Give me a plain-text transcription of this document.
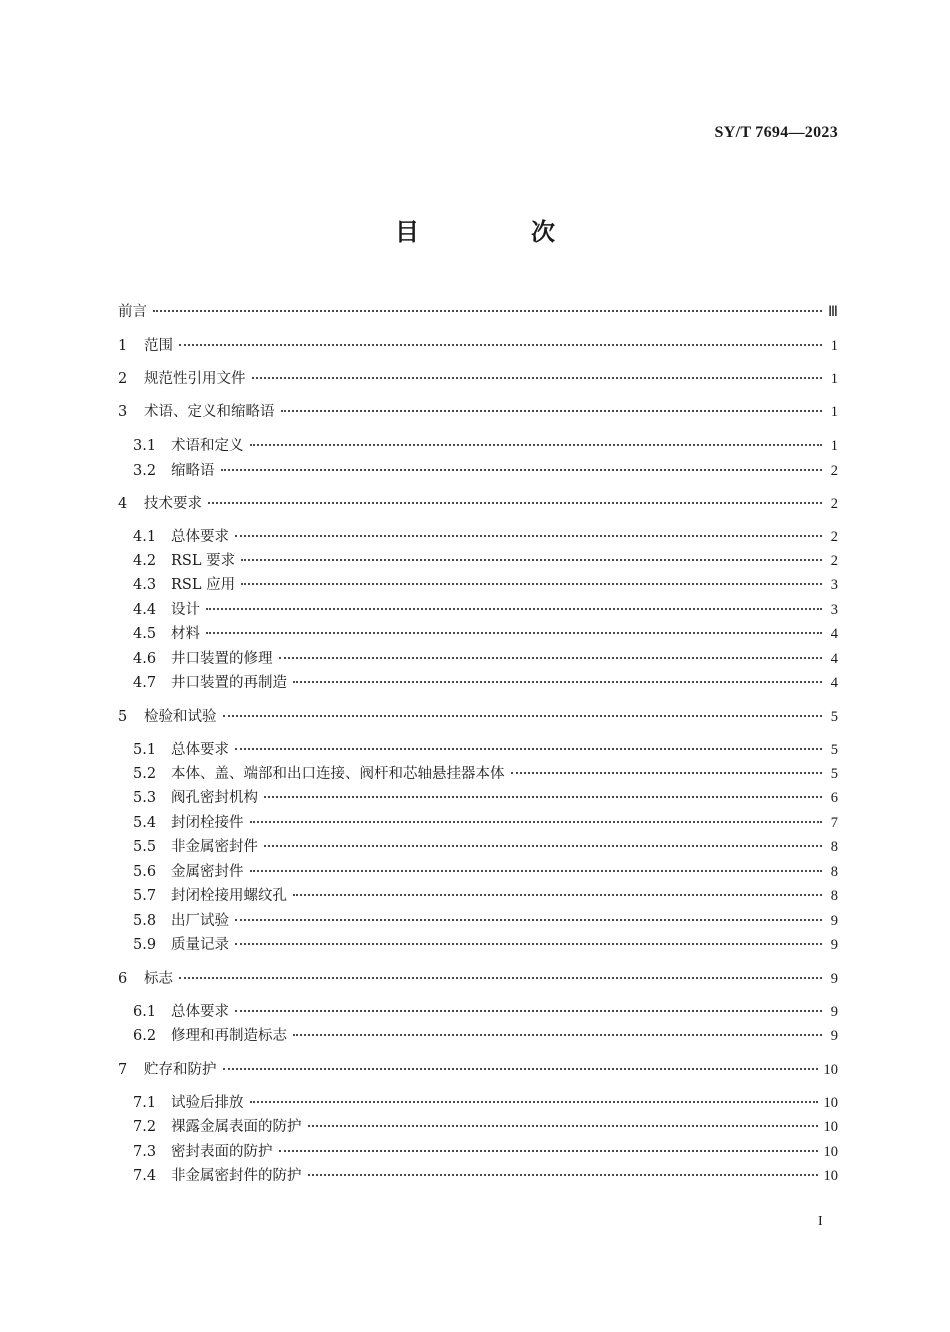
SY/T 7694—2023
目　次
前言	Ⅲ
1	范围	1
2	规范性引用文件	1
3	术语、定义和缩略语	1
3.1	术语和定义	1
3.2	缩略语	2
4	技术要求	2
4.1	总体要求	2
4.2	RSL 要求	2
4.3	RSL 应用	3
4.4	设计	3
4.5	材料	4
4.6	井口装置的修理	4
4.7	井口装置的再制造	4
5	检验和试验	5
5.1	总体要求	5
5.2	本体、盖、端部和出口连接、阀杆和芯轴悬挂器本体	5
5.3	阀孔密封机构	6
5.4	封闭栓接件	7
5.5	非金属密封件	8
5.6	金属密封件	8
5.7	封闭栓接用螺纹孔	8
5.8	出厂试验	9
5.9	质量记录	9
6	标志	9
6.1	总体要求	9
6.2	修理和再制造标志	9
7	贮存和防护	10
7.1	试验后排放	10
7.2	裸露金属表面的防护	10
7.3	密封表面的防护	10
7.4	非金属密封件的防护	10
I
